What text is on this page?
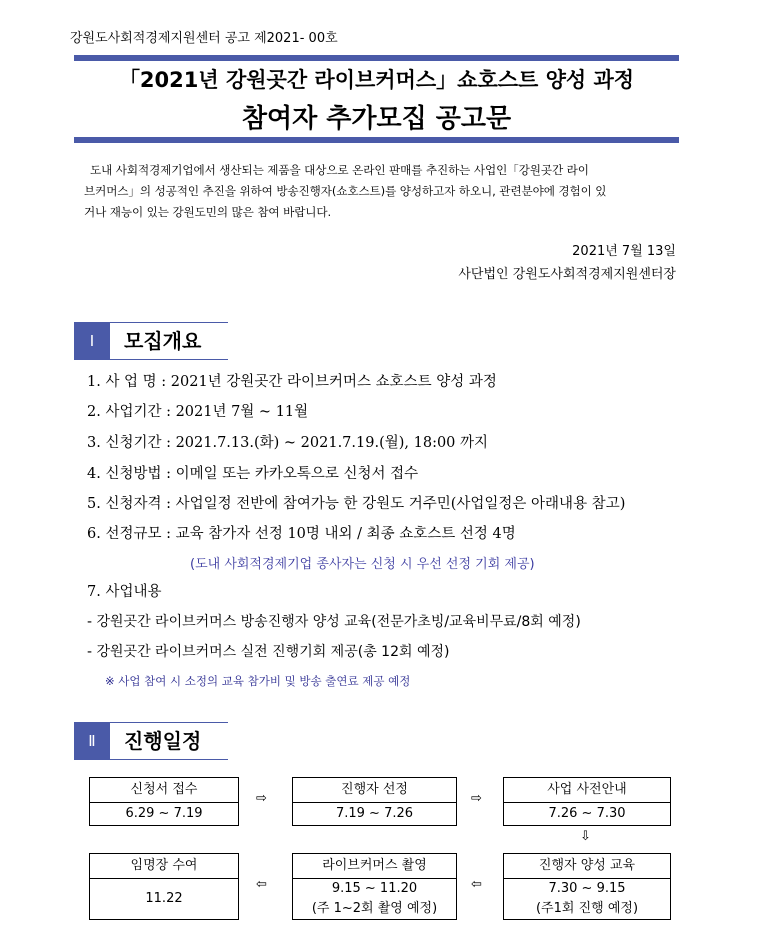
강원도사회적경제지원센터 공고 제2021- 00호
「2021년 강원곳간 라이브커머스」쇼호스트 양성 과정
참여자 추가모집 공고문
도내 사회적경제기업에서 생산되는 제품을 대상으로 온라인 판매를 추진하는 사업인「강원곳간 라이
브커머스」의 성공적인 추진을 위하여 방송진행자(쇼호스트)를 양성하고자 하오니, 관련분야에 경험이 있
거나 재능이 있는 강원도민의 많은 참여 바랍니다.
2021년 7월 13일
사단법인 강원도사회적경제지원센터장
Ⅰ	모집개요
1. 사 업 명 : 2021년 강원곳간 라이브커머스 쇼호스트 양성 과정
2. 사업기간 : 2021년 7월 ~ 11월
3. 신청기간 : 2021.7.13.(화) ~ 2021.7.19.(월), 18:00 까지
4. 신청방법 : 이메일 또는 카카오톡으로 신청서 접수
5. 신청자격 : 사업일정 전반에 참여가능 한 강원도 거주민(사업일정은 아래내용 참고)
6. 선정규모 : 교육 참가자 선정 10명 내외 / 최종 쇼호스트 선정 4명
(도내 사회적경제기업 종사자는 신청 시 우선 선정 기회 제공)
7. 사업내용
- 강원곳간 라이브커머스 방송진행자 양성 교육(전문가초빙/교육비무료/8회 예정)
- 강원곳간 라이브커머스 실전 진행기회 제공(총 12회 예정)
※ 사업 참여 시 소정의 교육 참가비 및 방송 출연료 제공 예정
Ⅱ	진행일정
신청서 접수
6.29 ~ 7.19
⇨
진행자 선정
7.19 ~ 7.26
⇨
사업 사전안내
7.26 ~ 7.30
⇩
임명장 수여
11.22
⇦
라이브커머스 촬영
9.15 ~ 11.20
(주 1~2회 촬영 예정)
⇦
진행자 양성 교육
7.30 ~ 9.15
(주1회 진행 예정)
